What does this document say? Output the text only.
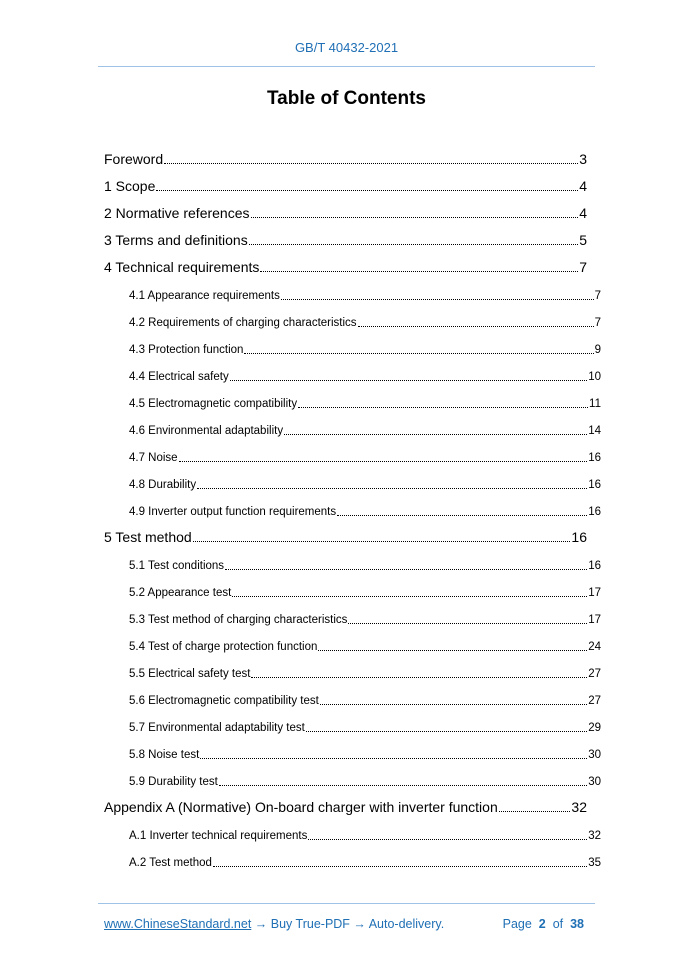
GB/T 40432-2021
Table of Contents
Foreword	3
1 Scope	4
2 Normative references	4
3 Terms and definitions	5
4 Technical requirements	7
4.1 Appearance requirements	7
4.2 Requirements of charging characteristics	7
4.3 Protection function	9
4.4 Electrical safety	10
4.5 Electromagnetic compatibility	11
4.6 Environmental adaptability	14
4.7 Noise	16
4.8 Durability	16
4.9 Inverter output function requirements	16
5 Test method	16
5.1 Test conditions	16
5.2 Appearance test	17
5.3 Test method of charging characteristics	17
5.4 Test of charge protection function	24
5.5 Electrical safety test	27
5.6 Electromagnetic compatibility test	27
5.7 Environmental adaptability test	29
5.8 Noise test	30
5.9 Durability test	30
Appendix A (Normative) On-board charger with inverter function	32
A.1 Inverter technical requirements	32
A.2 Test method	35
www.ChineseStandard.net → Buy True-PDF → Auto-delivery.	Page 2 of 38
